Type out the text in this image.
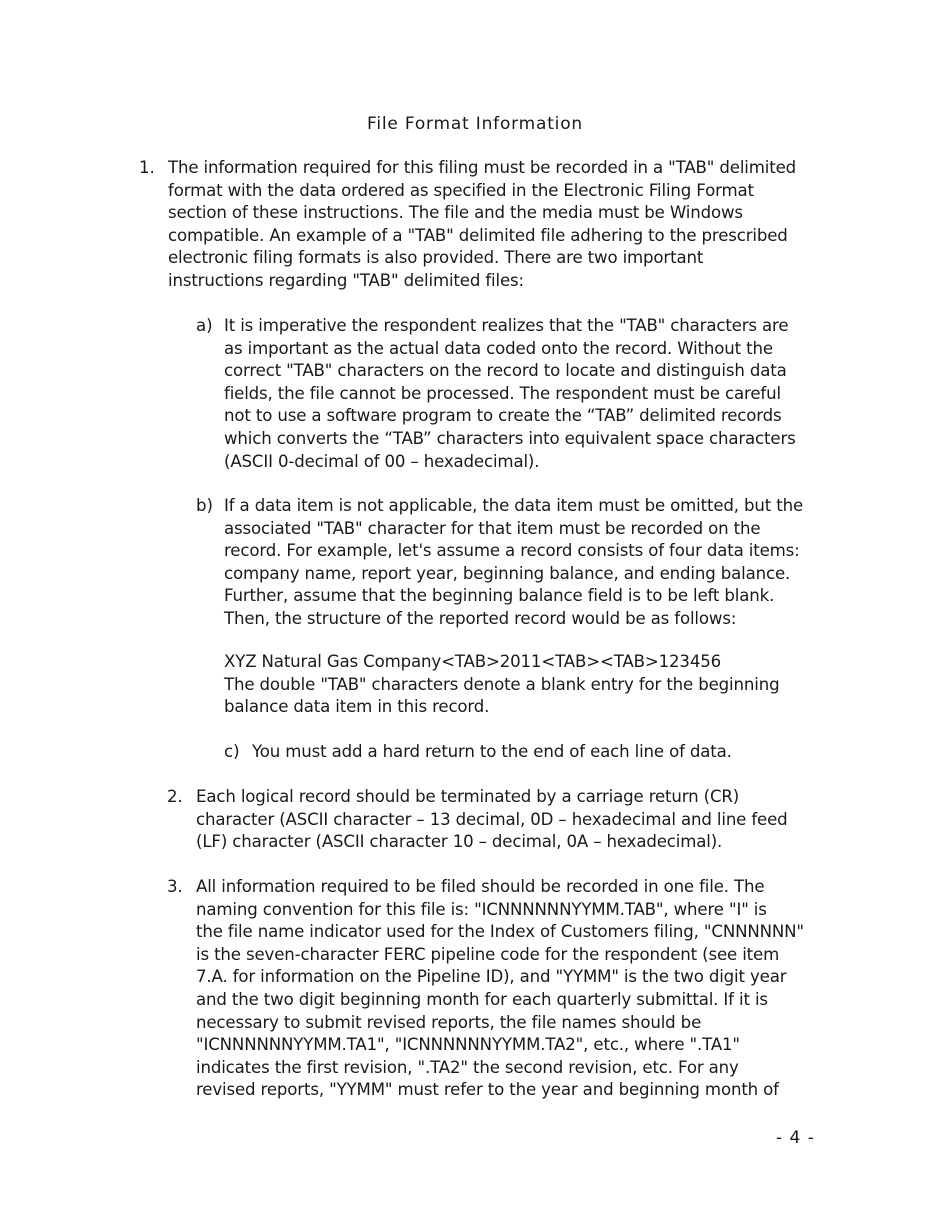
File Format Information
1. The information required for this filing must be recorded in a "TAB" delimited
format with the data ordered as specified in the Electronic Filing Format
section of these instructions. The file and the media must be Windows
compatible. An example of a "TAB" delimited file adhering to the prescribed
electronic filing formats is also provided. There are two important
instructions regarding "TAB" delimited files:
a) It is imperative the respondent realizes that the "TAB" characters are
as important as the actual data coded onto the record. Without the
correct "TAB" characters on the record to locate and distinguish data
fields, the file cannot be processed. The respondent must be careful
not to use a software program to create the “TAB” delimited records
which converts the “TAB” characters into equivalent space characters
(ASCII 0-decimal of 00 – hexadecimal).
b) If a data item is not applicable, the data item must be omitted, but the
associated "TAB" character for that item must be recorded on the
record. For example, let's assume a record consists of four data items:
company name, report year, beginning balance, and ending balance.
Further, assume that the beginning balance field is to be left blank.
Then, the structure of the reported record would be as follows:
XYZ Natural Gas Company<TAB>2011<TAB><TAB>123456
The double "TAB" characters denote a blank entry for the beginning
balance data item in this record.
c) You must add a hard return to the end of each line of data.
2. Each logical record should be terminated by a carriage return (CR)
character (ASCII character – 13 decimal, 0D – hexadecimal and line feed
(LF) character (ASCII character 10 – decimal, 0A – hexadecimal).
3. All information required to be filed should be recorded in one file. The
naming convention for this file is: "ICNNNNNNYYMM.TAB", where "I" is
the file name indicator used for the Index of Customers filing, "CNNNNNN"
is the seven-character FERC pipeline code for the respondent (see item
7.A. for information on the Pipeline ID), and "YYMM" is the two digit year
and the two digit beginning month for each quarterly submittal. If it is
necessary to submit revised reports, the file names should be
"ICNNNNNNYYMM.TA1", "ICNNNNNNYYMM.TA2", etc., where ".TA1"
indicates the first revision, ".TA2" the second revision, etc. For any
revised reports, "YYMM" must refer to the year and beginning month of
- 4 -
